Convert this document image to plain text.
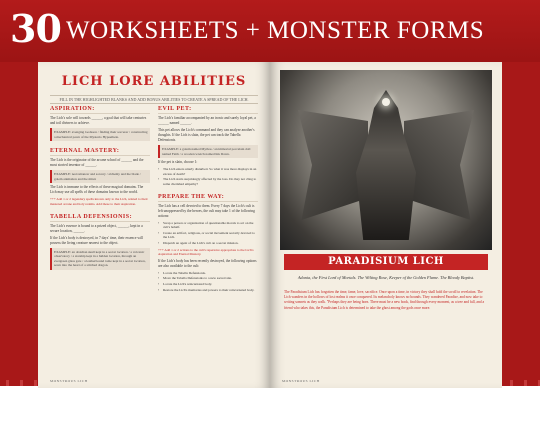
30 WORKSHEETS + MONSTER FORMS
LICH LORE ABILITIES
FILL IN THE HIGHLIGHTED BLANKS AND ADD BONUS ABILITIES TO CREATE A SPREAD OF THE LICH.
ASPIRATION:
The Lich's sole will towards ______, a goal that will take centuries and toil diviners to achieve.
EXAMPLE: avenging Godsson / finding their sorcerer / constructing a mechanical pawn of the Mysterio Hypaetheia.
ETERNAL MASTERY:
The Lich is the originator of the arcane school of ______ and the most storied inventor of ______.
EXAMPLE: necromancer and sorcery / alchemy and the blade / golem animation and the mind.
The Lich is immune to the effects of these magical domains. The Lich may use all spells of these domains known to the world.
+++ Add 1 or 2 legendary spells known only to the Lich, related to their mastered arcane and holy realms. Add these to their Aspiration.
TABELLA DEFENSIONIS:
The Lich's essence is bound to a prized object, ______, kept in a secure location, ______.
If the Lich's body is destroyed, in 7 days' time, their essence will possess the living creature nearest to the object.
EXAMPLE: an obsidian skull kept in a secret location / a volcanic observatory / a starship kept in a hidden location, through an evergreen glass gate / a leatherbound tome kept in a secret location, sewn into the heart of a stitched dragon.
EVIL PET:
The Lich's familiar accompanied by an ironic and surely loyal pet, a ______ named ______.
This pet allows the Lich's command and they can analyze another's thoughts. If the Lich is slain, the pet can track the Tabella Defensionis.
EXAMPLE: a golem named Mythos / an immortal porcelain doll named Faith / a wooden wretch named Ink Dawn.
If the pet is slain, choose 1:
• The Lich enters utterly disturbed. So what it was more displays in an excess of death?
• The Lich starts surprisingly affected by the loss. Do they not cling to some cherished empathy?
PREPARE THE WAY:
The Lich has a cell devoted to them. Every 7 days the Lich's cult is left unoppressed by the heroes, the cult may take 1 of the following actions:
• Swap a person or organization of questionable morals to act on the cult's behalf.
• Create an artifact, religious, or social movement secretly devoted to the Lich.
• Dispatch an agent of the Lich's cult on a secret mission.
+++ Add 1 or 2 actions to the cult's repertoire appropriate to the Lich's Aspiration and Eternal Mastery.
If the Lich's body has been recently destroyed, the following options are also available to the cult:
• Locate the Tabella Defensionis.
• Move the Tabella Defensionis to a new sacred site.
• Locate the Lich's reincarnated body.
• Restore the Lich's memories and powers to their reincarnated body.
MONSTROUS LICH
PARADISIUM LICH
Adania, the First Lord of Mortals. The Wilting Rose, Keeper of the Golden Flame. The Bloody Baptist.
The Paradisium Lich has forgotten the time, fame, love, sacrifice. Once upon a time, in victory they shall hold the scroll to revelation. The Lich wanders in the hollows of lost realms it once conquered. Its melancholy knows no bounds. They wandered Paradise, and now take to writing sonnets as they walk. "Perhaps they are being born. There must be a new book, find through every moment, as a tree and fall, and a friend who takes this, the Paradisium Lich is determined to take the ghost among the gods once more.
MONSTROUS LICH
